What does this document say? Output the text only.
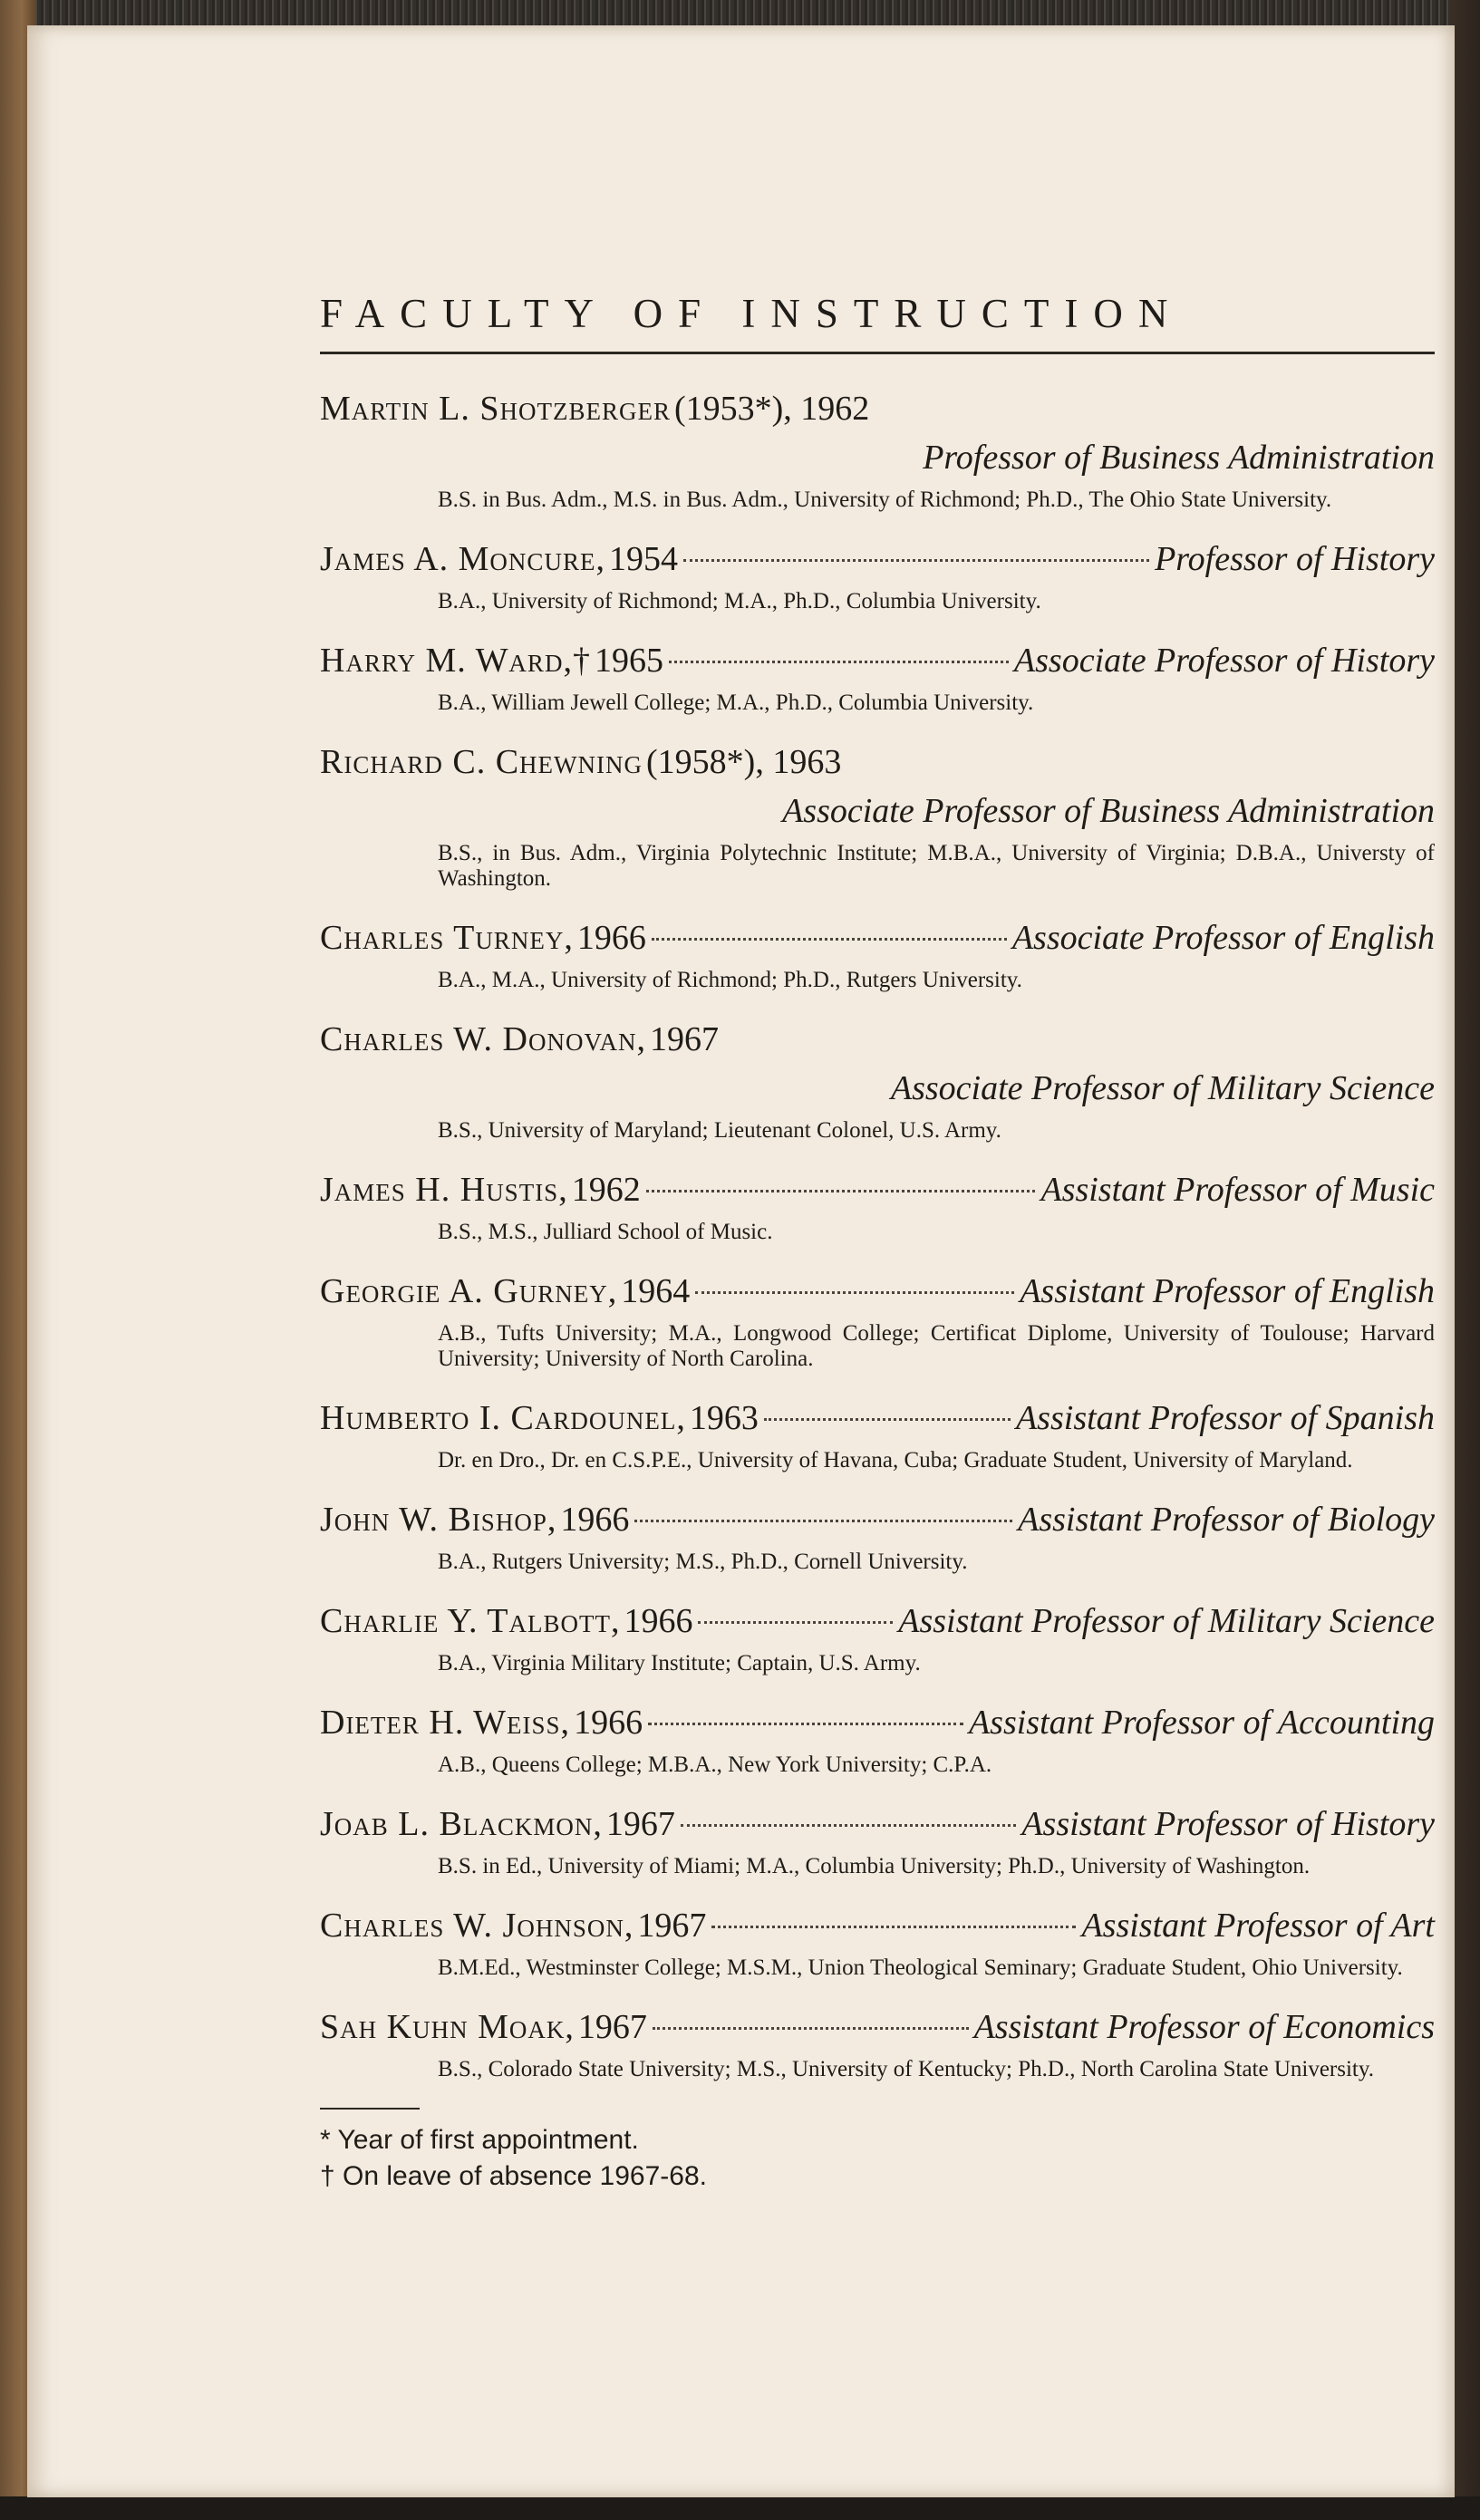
FACULTY OF INSTRUCTION
Martin L. Shotzberger (1953*), 1962
Professor of Business Administration
B.S. in Bus. Adm., M.S. in Bus. Adm., University of Richmond; Ph.D., The Ohio State University.
James A. Moncure, 1954	Professor of History
B.A., University of Richmond; M.A., Ph.D., Columbia University.
Harry M. Ward,† 1965	Associate Professor of History
B.A., William Jewell College; M.A., Ph.D., Columbia University.
Richard C. Chewning (1958*), 1963
Associate Professor of Business Administration
B.S., in Bus. Adm., Virginia Polytechnic Institute; M.B.A., University of Virginia; D.B.A., Universty of Washington.
Charles Turney, 1966	Associate Professor of English
B.A., M.A., University of Richmond; Ph.D., Rutgers University.
Charles W. Donovan, 1967
Associate Professor of Military Science
B.S., University of Maryland; Lieutenant Colonel, U.S. Army.
James H. Hustis, 1962	Assistant Professor of Music
B.S., M.S., Julliard School of Music.
Georgie A. Gurney, 1964	Assistant Professor of English
A.B., Tufts University; M.A., Longwood College; Certificat Diplome, University of Toulouse; Harvard University; University of North Carolina.
Humberto I. Cardounel, 1963	Assistant Professor of Spanish
Dr. en Dro., Dr. en C.S.P.E., University of Havana, Cuba; Graduate Student, University of Maryland.
John W. Bishop, 1966	Assistant Professor of Biology
B.A., Rutgers University; M.S., Ph.D., Cornell University.
Charlie Y. Talbott, 1966	Assistant Professor of Military Science
B.A., Virginia Military Institute; Captain, U.S. Army.
Dieter H. Weiss, 1966	Assistant Professor of Accounting
A.B., Queens College; M.B.A., New York University; C.P.A.
Joab L. Blackmon, 1967	Assistant Professor of History
B.S. in Ed., University of Miami; M.A., Columbia University; Ph.D., University of Washington.
Charles W. Johnson, 1967	Assistant Professor of Art
B.M.Ed., Westminster College; M.S.M., Union Theological Seminary; Graduate Student, Ohio University.
Sah Kuhn Moak, 1967	Assistant Professor of Economics
B.S., Colorado State University; M.S., University of Kentucky; Ph.D., North Carolina State University.
* Year of first appointment.
† On leave of absence 1967-68.
